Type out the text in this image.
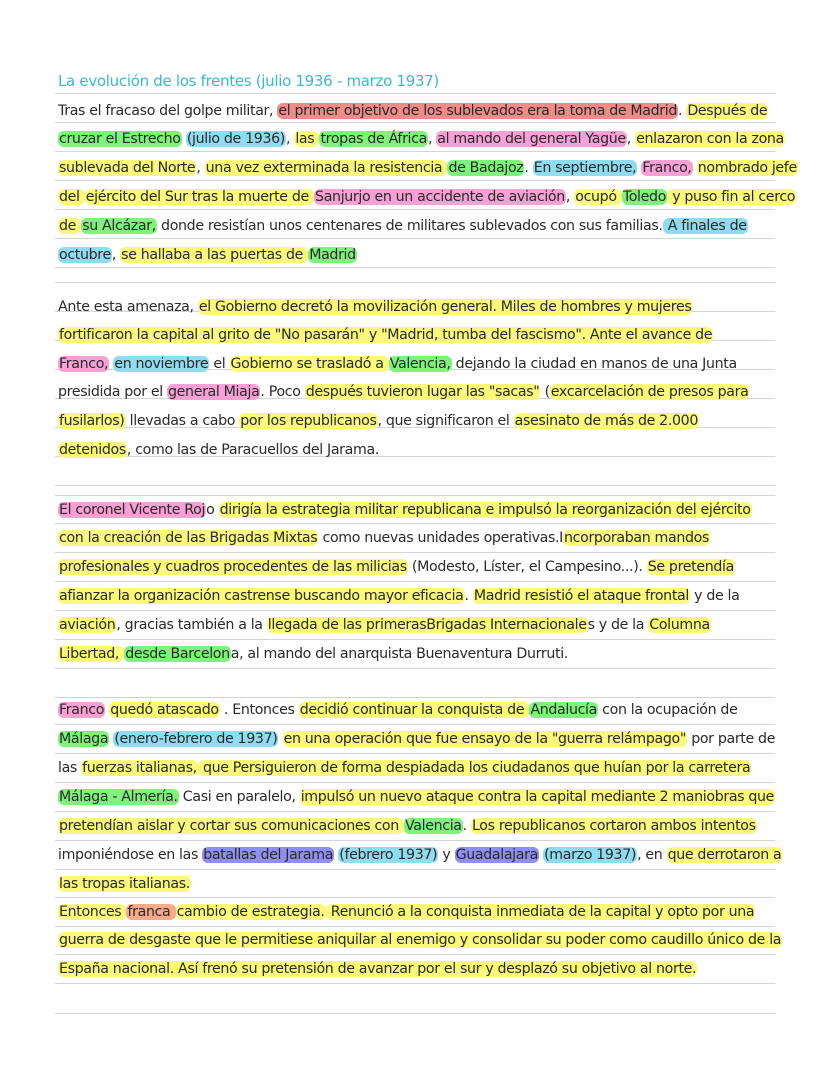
La evolución de los frentes (julio 1936 - marzo 1937)
Tras el fracaso del golpe militar, el primer objetivo de los sublevados era la toma de Madrid. Después de
cruzar el Estrecho (julio de 1936), las tropas de África, al mando del general Yagüe, enlazaron con la zona
sublevada del Norte, una vez exterminada la resistencia de Badajoz. En septiembre, Franco, nombrado jefe
del ejército del Sur tras la muerte de Sanjurjo en un accidente de aviación, ocupó Toledo y puso fin al cerco
de su Alcázar, donde resistían unos centenares de militares sublevados con sus familias. A finales de
octubre, se hallaba a las puertas de Madrid
Ante esta amenaza, el Gobierno decretó la movilización general. Miles de hombres y mujeres
fortificaron la capital al grito de "No pasarán" y "Madrid, tumba del fascismo". Ante el avance de
Franco, en noviembre el Gobierno se trasladó a Valencia, dejando la ciudad en manos de una Junta
presidida por el general Miaja. Poco después tuvieron lugar las "sacas" (excarcelación de presos para
fusilarlos) llevadas a cabo por los republicanos, que significaron el asesinato de más de 2.000
detenidos, como las de Paracuellos del Jarama.
El coronel Vicente Rojo dirigía la estrategia militar republicana e impulsó la reorganización del ejército
con la creación de las Brigadas Mixtas como nuevas unidades operativas.Incorporaban mandos
profesionales y cuadros procedentes de las milicias (Modesto, Líster, el Campesino...). Se pretendía
afianzar la organización castrense buscando mayor eficacia. Madrid resistió el ataque frontal y de la
aviación, gracias también a la llegada de las primerasBrigadas Internacionales y de la Columna
Libertad, desde Barcelona, al mando del anarquista Buenaventura Durruti.
Franco quedó atascado . Entonces decidió continuar la conquista de Andalucía con la ocupación de
Málaga (enero-febrero de 1937) en una operación que fue ensayo de la "guerra relámpago" por parte de
las fuerzas italianas, que Persiguieron de forma despiadada los ciudadanos que huían por la carretera
Málaga - Almería. Casi en paralelo, impulsó un nuevo ataque contra la capital mediante 2 maniobras que
pretendían aislar y cortar sus comunicaciones con Valencia. Los republicanos cortaron ambos intentos
imponiéndose en las batallas del Jarama (febrero 1937) y Guadalajara (marzo 1937), en que derrotaron a
las tropas italianas.
Entonces franca cambio de estrategia. Renunció a la conquista inmediata de la capital y opto por una
guerra de desgaste que le permitiese aniquilar al enemigo y consolidar su poder como caudillo único de la
España nacional. Así frenó su pretensión de avanzar por el sur y desplazó su objetivo al norte.
